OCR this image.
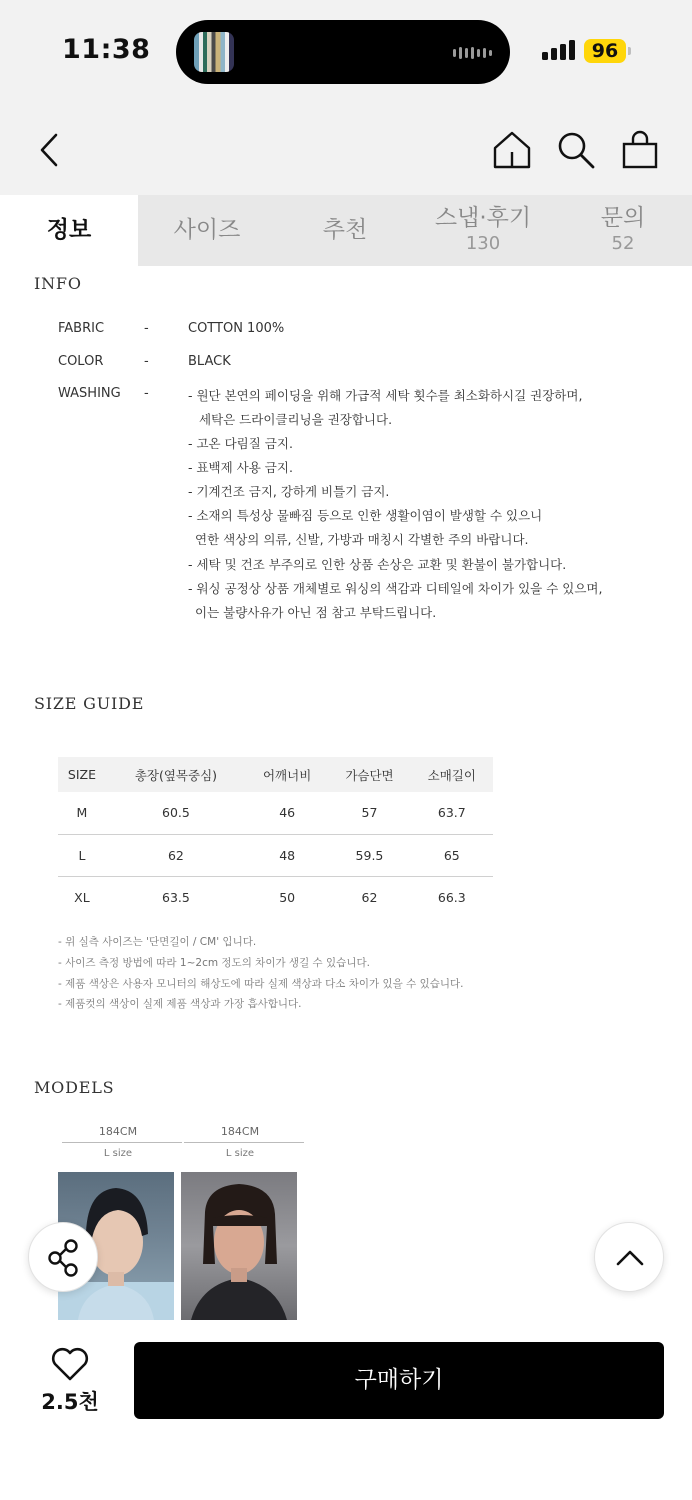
11:38	96
정보	사이즈	추천	스냅·후기
130
문의
52
INFO
FABRIC	-	COTTON 100%
COLOR	-	BLACK
WASHING -	- 원단 본연의 페이딩을 위해 가급적 세탁 횟수를 최소화하시길 권장하며,
세탁은 드라이클리닝을 권장합니다.
- 고온 다림질 금지.
- 표백제 사용 금지.
- 기계건조 금지, 강하게 비틀기 금지.
- 소재의 특성상 물빠짐 등으로 인한 생활이염이 발생할 수 있으니
연한 색상의 의류, 신발, 가방과 매칭시 각별한 주의 바랍니다.
- 세탁 및 건조 부주의로 인한 상품 손상은 교환 및 환불이 불가합니다.
- 워싱 공정상 상품 개체별로 워싱의 색감과 디테일에 차이가 있을 수 있으며,
이는 불량사유가 아닌 점 참고 부탁드립니다.
SIZE GUIDE
SIZE	총장(옆목중심)	어깨너비	가슴단면	소매길이
M	60.5	46	57	63.7
L	62	48	59.5	65
XL	63.5	50	62	66.3
- 위 실측 사이즈는 '단면길이 / CM' 입니다.
- 사이즈 측정 방법에 따라 1~2cm 정도의 차이가 생길 수 있습니다.
- 제품 색상은 사용자 모니터의 해상도에 따라 실제 색상과 다소 차이가 있을 수 있습니다.
- 제품컷의 색상이 실제 제품 색상과 가장 흡사합니다.
MODELS
184CM
L size
184CM
L size
2.5천
구매하기
